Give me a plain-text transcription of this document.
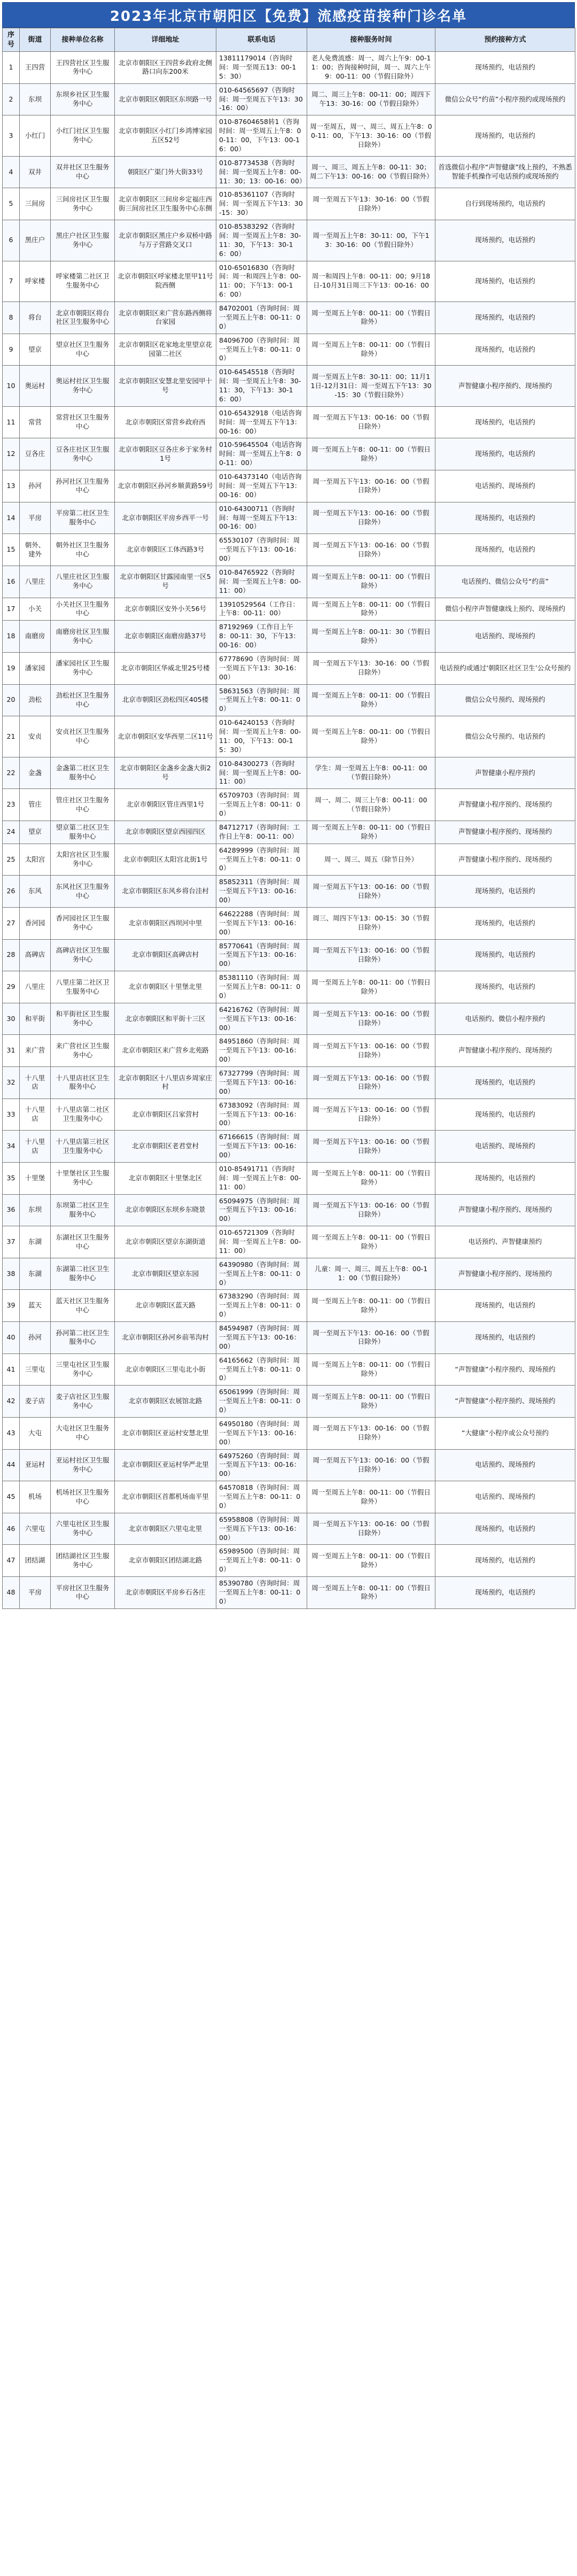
2023年北京市朝阳区【免费】流感疫苗接种门诊名单
序号	街道	接种单位名称	详细地址	联系电话	接种服务时间	预约接种方式
1	王四营	王四营社区卫生服务中心	北京市朝阳区王四营乡政府北侧路口向东200米	13811179014（咨询时间：周一至周五13：00-15：30）	老人免费流感：周一、周六上午9：00-11：00；咨询接种时间，周一、周六上午9：00-11：00（节假日除外）	现场预约，电话预约
2	东坝	东坝乡社区卫生服务中心	北京市朝阳区朝阳区东坝路一号	010-64565697（咨询时间：周一至周五下午13：30-16：00）	周二、周三上午8：00-11：00；周四下午13：30-16：00（节假日除外）	微信公众号“约苗”小程序预约或现场预约
3	小红门	小红门社区卫生服务中心	北京市朝阳区小红门乡鸿博家园五区52号	010-87604658转1（咨询时间：周一至周五上午8：00-11：00，下午13：00-16：00）	周一至周五，周一、周三、周五上午8：00-11：00，下午13：30-16：00（节假日除外）	现场预约，电话预约
4	双井	双井社区卫生服务中心	朝阳区广渠门外大街33号	010-87734538（咨询时间：周一至周五上午8：00-11：30；13：00-16：00）	周一、周三、周五上午8：00-11：30；周二下午13：00-16：00（节假日除外）	首选微信小程序“声智健康”线上预约，不熟悉智能手机操作可电话预约或现场预约
5	三间房	三间房社区卫生服务中心	北京市朝阳区三间房乡定福庄西街三间房社区卫生服务中心东侧	010-85361107（咨询时间：周一至周五下午13：30-15：30）	周一至周五下午13：30-16：00（节假日除外）	自行到现场预约，电话预约
6	黑庄户	黑庄户社区卫生服务中心	北京市朝阳区黑庄户乡双桥中路与万子营路交叉口	010-85383292（咨询时间：周一至周五上午8：30-11：30，下午13：30-16：00）	周一至周五上午8：30-11：00，下午13：30-16：00（节假日除外）	现场预约，电话预约
7	呼家楼	呼家楼第二社区卫生服务中心	北京市朝阳区呼家楼北里甲11号院西侧	010-65016830（咨询时间：周一和周四上午8：00-11：00；下午13：00-16：00）	周一和周四上午8：00-11：00；9月18日-10月31日周三下午13：00-16：00	现场预约，电话预约
8	将台	北京市朝阳区将台社区卫生服务中心	北京市朝阳区来广营东路西侧将台家园	84702001（咨询时间：周一至周五上午8：00-11：00）	周一至周五上午8：00-11：00（节假日除外）	现场预约，电话预约
9	望京	望京社区卫生服务中心	北京市朝阳区花家地北里望京花园第二社区	84096700（咨询时间：周一至周五上午8：00-11：00）	周一至周五上午8：00-11：00（节假日除外）	现场预约，电话预约
10	奥运村	奥运村社区卫生服务中心	北京市朝阳区安慧北里安园甲十号	010-64545518（咨询时间：周一至周五上午8：30-11：30，下午13：30-16：00）	周一至周五上午8：30-11：00；11月11日-12月31日：周一至周五下午13：30-15：30（节假日除外）	声智健康小程序预约、现场预约
11	常营	常营社区卫生服务中心	北京市朝阳区常营乡政府西	010-65432918（电话咨询时间：周一至周五下午13：00-16：00）	周一至周五下午13：00-16：00（节假日除外）	现场预约，电话预约
12	豆各庄	豆各庄社区卫生服务中心	北京市朝阳区豆各庄乡于家务村1号	010-59645504（电话咨询时间：周一至周五上午8：00-11：00）	周一至周五上午8：00-11：00（节假日除外）	现场预约，电话预约
13	孙河	孙河社区卫生服务中心	北京市朝阳区孙河乡顺黄路59号	010-64373140（电话咨询时间：周一至周五下午13：00-16：00）	周一至周五下午13：00-16：00（节假日除外）	电话预约、现场预约
14	平房	平房第二社区卫生服务中心	北京市朝阳区平房乡西平一号	010-64300711（咨询时间：每周一至周五下午13：00-16：00）	周一至周五下午13：00-16：00（节假日除外）	现场预约，电话预约
15	朝外、建外	朝外社区卫生服务中心	北京市朝阳区工体西路3号	65530107（咨询时间：周一至周五下午13：00-16：00）	周一至周五下午13：00-16：00（节假日除外）	现场预约，电话预约
16	八里庄	八里庄社区卫生服务中心	北京市朝阳区甘露园南里一区5号	010-84765922（咨询时间：周一至周五上午8：00-11：00）	周一至周五上午8：00-11：00（节假日除外）	电话预约、微信公众号“约苗”
17	小关	小关社区卫生服务中心	北京市朝阳区安外小关56号	13910529564（工作日：上午8：00-11：00）	周一至周五上午8：00-11：00（节假日除外）	微信小程序声智健康线上预约、现场预约
18	南磨房	南磨房社区卫生服务中心	北京市朝阳区南磨房路37号	87192969（工作日上午8：00-11：30，下午13：00-16：00）	周一至周五上午8：00-11：30（节假日除外）	电话预约、现场预约
19	潘家园	潘家园社区卫生服务中心	北京市朝阳区华威北里25号楼	67778690（咨询时间：周一至周五下午13：30-16：00）	周一至周五下午13：30-16：00（节假日除外）	电话预约或通过‘朝阳区社区卫生’公众号预约
20	劲松	劲松社区卫生服务中心	北京市朝阳区劲松四区405楼	58631563（咨询时间：周一至周五上午8：00-11：00）	周一至周五上午8：00-11：00（节假日除外）	微信公众号预约、现场预约
21	安贞	安贞社区卫生服务中心	北京市朝阳区安华西里二区11号	010-64240153（咨询时间：周一至周五上午8：00-11：00，下午13：00-15：30）	周一至周五上午8：00-11：00（节假日除外）	微信公众号预约、电话预约
22	金盏	金盏第二社区卫生服务中心	北京市朝阳区金盏乡金盏大街2号	010-84300273（咨询时间：周一至周五上午8：00-11：00）	学生：周一至周五上午8：00-11：00（节假日除外）	声智健康小程序预约
23	管庄	管庄社区卫生服务中心	北京市朝阳区管庄西里1号	65709703（咨询时间：周一至周五上午8：00-11：00）	周一、周二、周三上午8：00-11：00（节假日除外）	声智健康小程序预约、现场预约
24	望京	望京第二社区卫生服务中心	北京市朝阳区望京西园四区	84712717（咨询时间：工作日上午8：00-11：00）	周一至周五上午8：00-11：00（节假日除外）	声智健康小程序预约、现场预约
25	太阳宫	太阳宫社区卫生服务中心	北京市朝阳区太阳宫北街1号	64289999（咨询时间：周一至周五上午8：00-11：00）	周一、周三、周五（除节日外）	声智健康小程序预约、现场预约
26	东风	东风社区卫生服务中心	北京市朝阳区东风乡将台洼村	85852311（咨询时间：周一至周五下午13：00-16：00）	周一至周五下午13：00-16：00（节假日除外）	现场预约，电话预约
27	香河园	香河园社区卫生服务中心	北京市朝阳区西坝河中里	64622288（咨询时间：周一至周五下午13：00-16：00）	周三、周四下午13：00-15：30（节假日除外）	现场预约，电话预约
28	高碑店	高碑店社区卫生服务中心	北京市朝阳区高碑店村	85770641（咨询时间：周一至周五下午13：00-16：00）	周一至周五下午13：00-16：00（节假日除外）	现场预约，电话预约
29	八里庄	八里庄第二社区卫生服务中心	北京市朝阳区十里堡北里	85381110（咨询时间：周一至周五上午8：00-11：00）	周一至周五上午8：00-11：00（节假日除外）	现场预约，电话预约
30	和平街	和平街社区卫生服务中心	北京市朝阳区和平街十三区	64216762（咨询时间：周一至周五下午13：00-16：00）	周一至周五下午13：00-16：00（节假日除外）	电话预约、微信小程序预约
31	来广营	来广营社区卫生服务中心	北京市朝阳区来广营乡北苑路	84951860（咨询时间：周一至周五下午13：00-16：00）	周一至周五下午13：00-16：00（节假日除外）	声智健康小程序预约、现场预约
32	十八里店	十八里店社区卫生服务中心	北京市朝阳区十八里店乡周家庄村	67327799（咨询时间：周一至周五下午13：00-16：00）	周一至周五下午13：00-16：00（节假日除外）	现场预约，电话预约
33	十八里店	十八里店第二社区卫生服务中心	北京市朝阳区吕家营村	67383092（咨询时间：周一至周五下午13：00-16：00）	周一至周五下午13：00-16：00（节假日除外）	现场预约，电话预约
34	十八里店	十八里店第三社区卫生服务中心	北京市朝阳区老君堂村	67166615（咨询时间：周一至周五下午13：00-16：00）	周一至周五下午13：00-16：00（节假日除外）	电话预约、现场预约
35	十里堡	十里堡社区卫生服务中心	北京市朝阳区十里堡北区	010-85491711（咨询时间：周一至周五上午8：00-11：00）	周一至周五上午8：00-11：00（节假日除外）	现场预约，电话预约
36	东坝	东坝第二社区卫生服务中心	北京市朝阳区东坝乡东晓景	65094975（咨询时间：周一至周五下午13：00-16：00）	周一至周五下午13：00-16：00（节假日除外）	声智健康小程序预约、现场预约
37	东湖	东湖社区卫生服务中心	北京市朝阳区望京东湖街道	010-65721309（咨询时间：周一至周五上午8：00-11：00）	周一至周五上午8：00-11：00（节假日除外）	电话预约、声智健康预约
38	东湖	东湖第二社区卫生服务中心	北京市朝阳区望京东园	64390980（咨询时间：周一至周五上午8：00-11：00）	儿童：周一、周三、周五上午8：00-11：00（节假日除外）	声智健康小程序预约、现场预约
39	蓝天	蓝天社区卫生服务中心	北京市朝阳区蓝天路	67383290（咨询时间：周一至周五上午8：00-11：00）	周一至周五上午8：00-11：00（节假日除外）	现场预约，电话预约
40	孙河	孙河第二社区卫生服务中心	北京市朝阳区孙河乡前苇沟村	84594987（咨询时间：周一至周五下午13：00-16：00）	周一至周五下午13：00-16：00（节假日除外）	现场预约，电话预约
41	三里屯	三里屯社区卫生服务中心	北京市朝阳区三里屯北小街	64165662（咨询时间：周一至周五上午8：00-11：00）	周一至周五上午8：00-11：00（节假日除外）	“声智健康”小程序预约、现场预约
42	麦子店	麦子店社区卫生服务中心	北京市朝阳区农展馆北路	65061999（咨询时间：周一至周五上午8：00-11：00）	周一至周五上午8：00-11：00（节假日除外）	“声智健康”小程序预约、现场预约
43	大屯	大屯社区卫生服务中心	北京市朝阳区亚运村安慧北里	64950180（咨询时间：周一至周五下午13：00-16：00）	周一至周五下午13：00-16：00（节假日除外）	“大健康”小程序或公众号预约
44	亚运村	亚运村社区卫生服务中心	北京市朝阳区亚运村华严北里	64975260（咨询时间：周一至周五下午13：00-16：00）	周一至周五下午13：00-16：00（节假日除外）	电话预约、现场预约
45	机场	机场社区卫生服务中心	北京市朝阳区首都机场南平里	64570818（咨询时间：周一至周五上午8：00-11：00）	周一至周五上午8：00-11：00（节假日除外）	电话预约、现场预约
46	六里屯	六里屯社区卫生服务中心	北京市朝阳区六里屯北里	65958808（咨询时间：周一至周五下午13：00-16：00）	周一至周五下午13：00-16：00（节假日除外）	现场预约，电话预约
47	团结湖	团结湖社区卫生服务中心	北京市朝阳区团结湖北路	65989500（咨询时间：周一至周五上午8：00-11：00）	周一至周五上午8：00-11：00（节假日除外）	现场预约，电话预约
48	平房	平房社区卫生服务中心	北京市朝阳区平房乡石各庄	85390780（咨询时间：周一至周五上午8：00-11：00）	周一至周五上午8：00-11：00（节假日除外）	现场预约，电话预约
